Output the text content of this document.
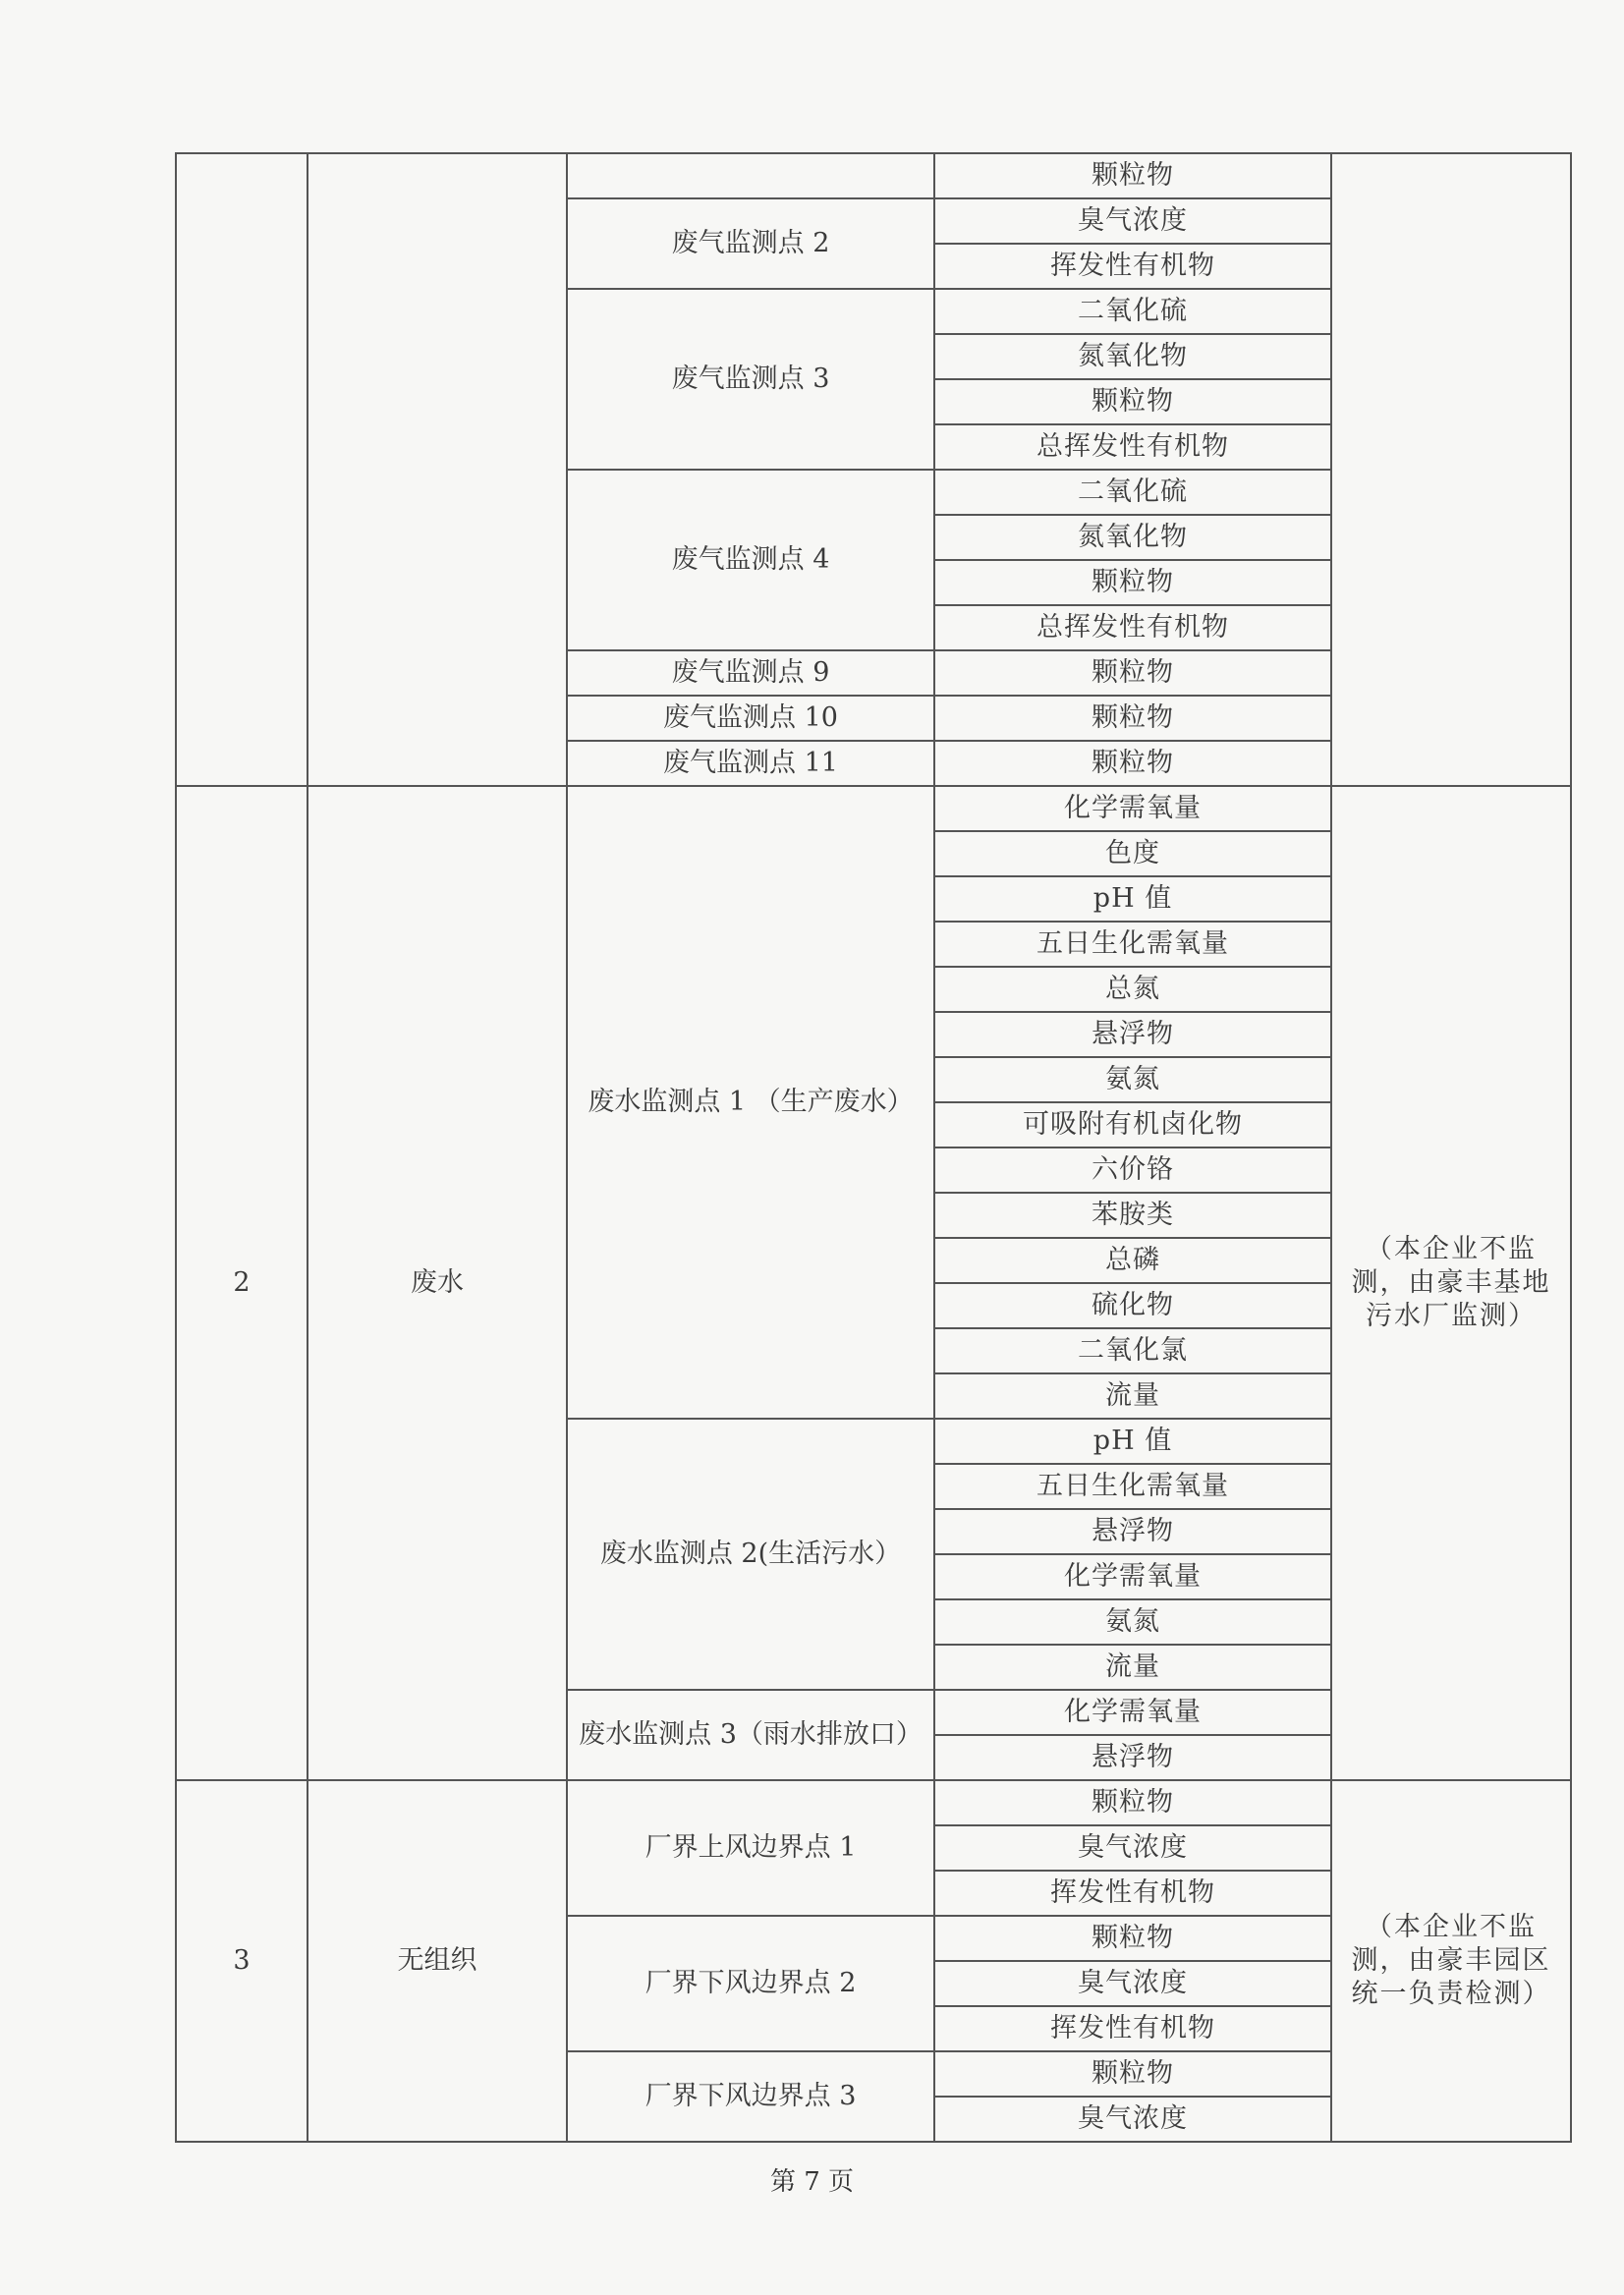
			颗粒物	
		废气监测点 2	臭气浓度	
			挥发性有机物	
		废气监测点 3	二氧化硫	
			氮氧化物	
			颗粒物	
			总挥发性有机物	
		废气监测点 4	二氧化硫	
			氮氧化物	
			颗粒物	
			总挥发性有机物	
		废气监测点 9	颗粒物	
		废气监测点 10	颗粒物	
		废气监测点 11	颗粒物	
2	废水	废水监测点 1 （生产废水）	化学需氧量	（本企业不监测，由豪丰基地污水厂监测）
			色度	
			pH 值	
			五日生化需氧量	
			总氮	
			悬浮物	
			氨氮	
			可吸附有机卤化物	
			六价铬	
			苯胺类	
			总磷	
			硫化物	
			二氧化氯	
			流量	
		废水监测点 2(生活污水）	pH 值	
			五日生化需氧量	
			悬浮物	
			化学需氧量	
			氨氮	
			流量	
		废水监测点 3（雨水排放口）	化学需氧量	
			悬浮物	
3	无组织	厂界上风边界点 1	颗粒物	（本企业不监测，由豪丰园区统一负责检测）
			臭气浓度	
			挥发性有机物	
		厂界下风边界点 2	颗粒物	
			臭气浓度	
			挥发性有机物	
		厂界下风边界点 3	颗粒物	
			臭气浓度	
第 7 页
